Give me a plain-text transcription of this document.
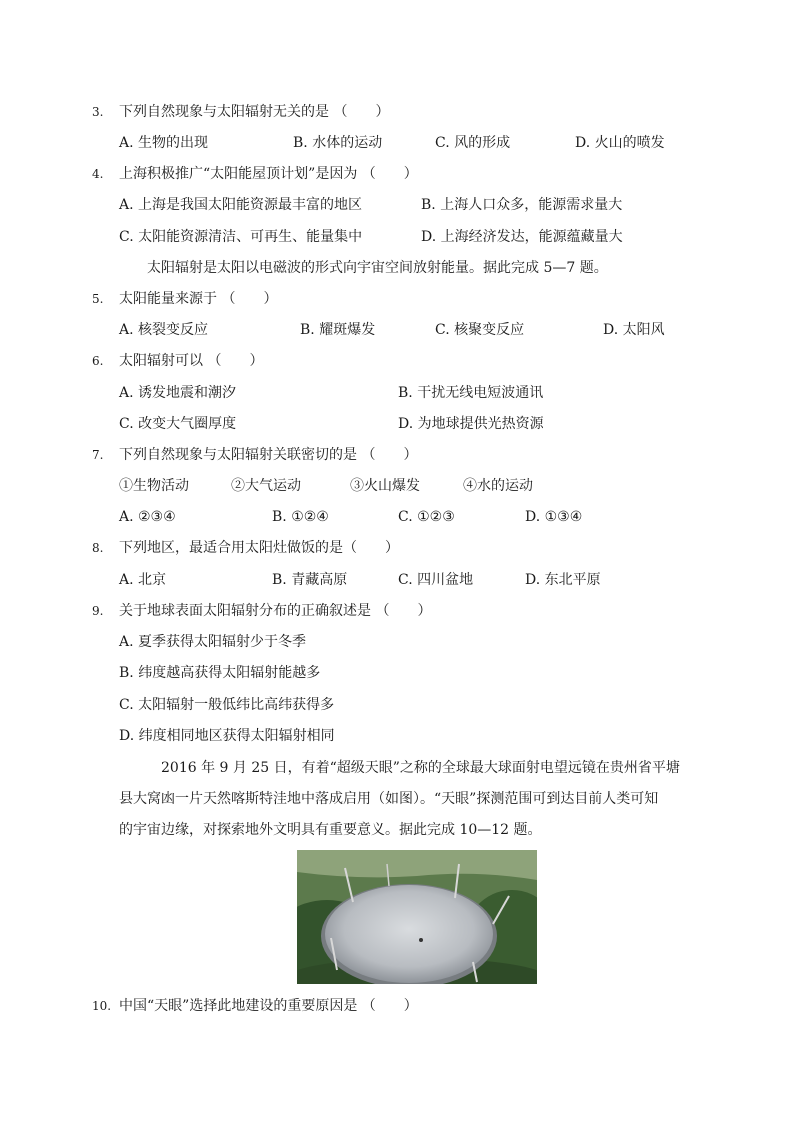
3. 下列自然现象与太阳辐射无关的是 （　　）
A. 生物的出现	B. 水体的运动	C. 风的形成	D. 火山的喷发
4. 上海积极推广“太阳能屋顶计划”是因为 （　　）
A. 上海是我国太阳能资源最丰富的地区	B. 上海人口众多，能源需求量大
C. 太阳能资源清洁、可再生、能量集中	D. 上海经济发达，能源蕴藏量大
太阳辐射是太阳以电磁波的形式向宇宙空间放射能量。据此完成 5—7 题。
5. 太阳能量来源于 （　　）
A. 核裂变反应	B. 耀斑爆发	C. 核聚变反应	D. 太阳风
6. 太阳辐射可以 （　　）
A. 诱发地震和潮汐	B. 干扰无线电短波通讯
C. 改变大气圈厚度	D. 为地球提供光热资源
7. 下列自然现象与太阳辐射关联密切的是 （　　）
①生物活动	②大气运动	③火山爆发	④水的运动
A. ②③④	B. ①②④	C. ①②③	D. ①③④
8. 下列地区，最适合用太阳灶做饭的是（　　）
A. 北京	B. 青藏高原	C. 四川盆地	D. 东北平原
9. 关于地球表面太阳辐射分布的正确叙述是 （　　）
A. 夏季获得太阳辐射少于冬季
B. 纬度越高获得太阳辐射能越多
C. 太阳辐射一般低纬比高纬获得多
D. 纬度相同地区获得太阳辐射相同
2016 年 9 月 25 日，有着“超级天眼”之称的全球最大球面射电望远镜在贵州省平塘
县大窝凼一片天然喀斯特洼地中落成启用（如图）。“天眼”探测范围可到达目前人类可知
的宇宙边缘，对探索地外文明具有重要意义。据此完成 10—12 题。
10. 中国“天眼”选择此地建设的重要原因是 （　　）
